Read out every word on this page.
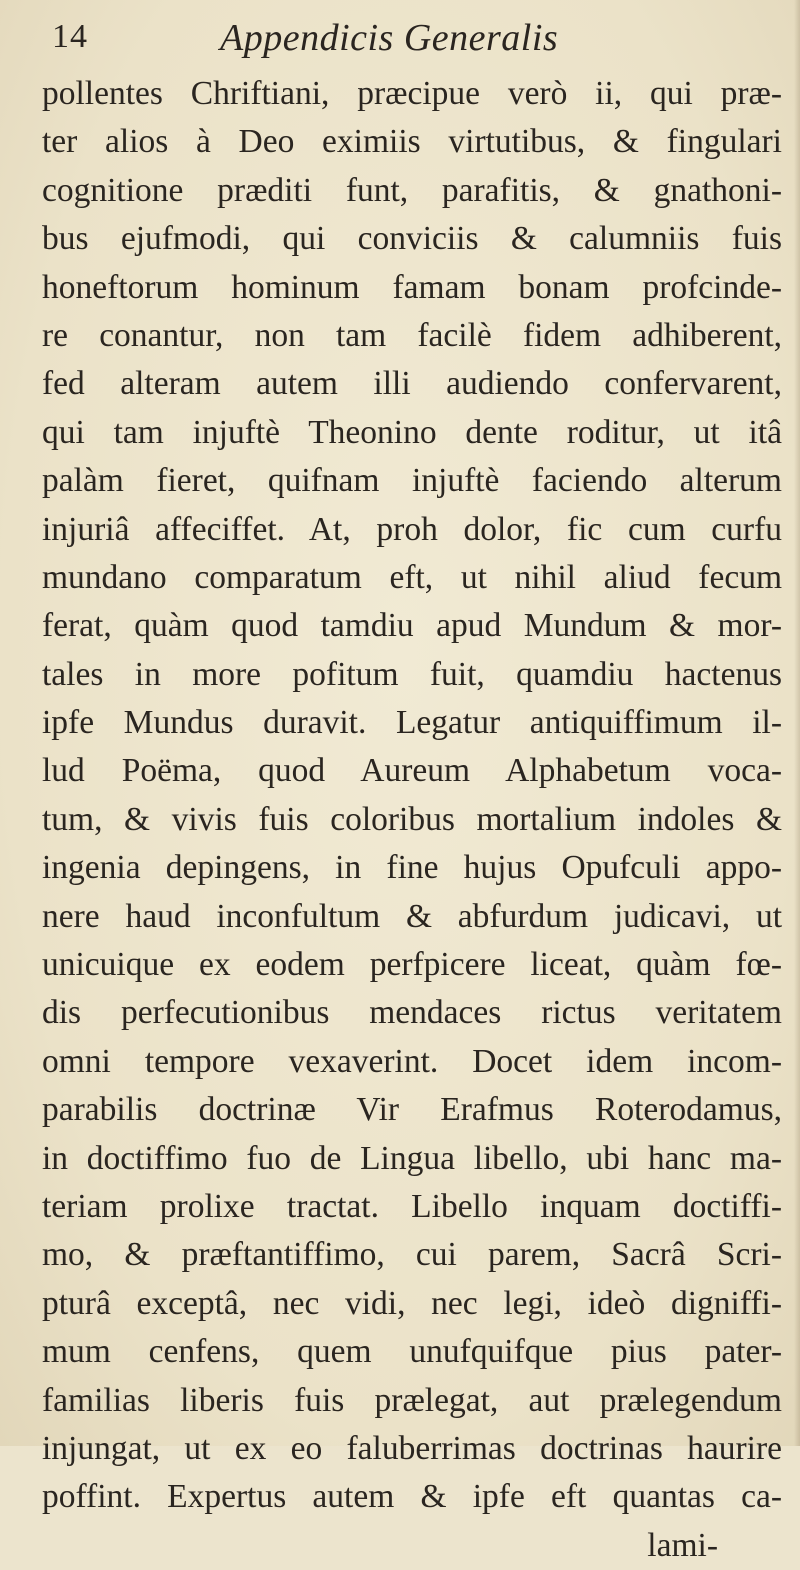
14	Appendicis Generalis
pollentes Chriftiani, præcipue verò ii, qui præ-
ter alios à Deo eximiis virtutibus, & fingulari
cognitione præditi funt, parafitis, & gnathoni-
bus ejufmodi, qui conviciis & calumniis fuis
honeftorum hominum famam bonam profcinde-
re conantur, non tam facilè fidem adhiberent,
fed alteram autem illi audiendo confervarent,
qui tam injuftè Theonino dente roditur, ut itâ
palàm fieret, quifnam injuftè faciendo alterum
injuriâ affeciffet. At, proh dolor, fic cum curfu
mundano comparatum eft, ut nihil aliud fecum
ferat, quàm quod tamdiu apud Mundum & mor-
tales in more pofitum fuit, quamdiu hactenus
ipfe Mundus duravit. Legatur antiquiffimum il-
lud Poëma, quod Aureum Alphabetum voca-
tum, & vivis fuis coloribus mortalium indoles &
ingenia depingens, in fine hujus Opufculi appo-
nere haud inconfultum & abfurdum judicavi, ut
unicuique ex eodem perfpicere liceat, quàm fœ-
dis perfecutionibus mendaces rictus veritatem
omni tempore vexaverint. Docet idem incom-
parabilis doctrinæ Vir Erafmus Roterodamus,
in doctiffimo fuo de Lingua libello, ubi hanc ma-
teriam prolixe tractat. Libello inquam doctiffi-
mo, & præftantiffimo, cui parem, Sacrâ Scri-
pturâ exceptâ, nec vidi, nec legi, ideò digniffi-
mum cenfens, quem unufquifque pius pater-
familias liberis fuis prælegat, aut prælegendum
injungat, ut ex eo faluberrimas doctrinas haurire
poffint. Expertus autem & ipfe eft quantas ca-
lami-
